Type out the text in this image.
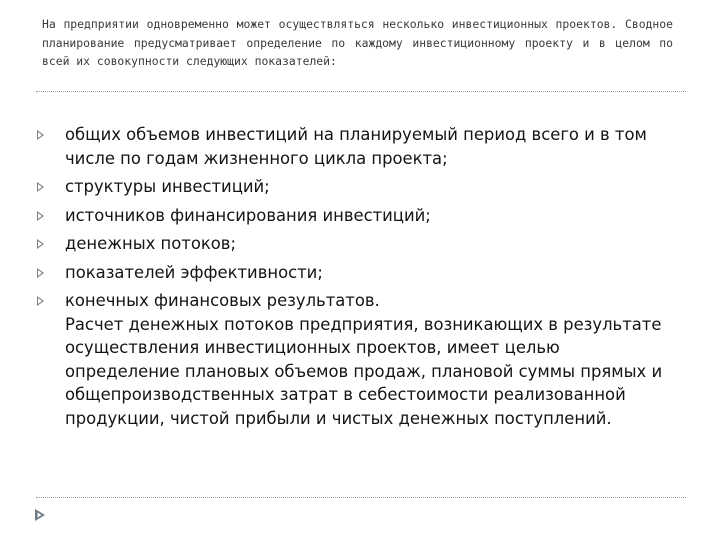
На предприятии одновременно может осуществляться несколько инвестиционных проектов. Сводное планирование предусматривает определение по каждому инвестиционному проекту и в целом по всей их совокупности следующих показателей:
общих объемов инвестиций на планируемый период всего и в том числе по годам жизненного цикла проекта;
структуры инвестиций;
источников финансирования инвестиций;
денежных потоков;
показателей эффективности;
конечных финансовых результатов.
Расчет денежных потоков предприятия, возникающих в результате осуществления инвестиционных проектов, имеет целью определение плановых объемов продаж, плановой суммы прямых и общепроизводственных затрат в себестоимости реализованной продукции, чистой прибыли и чистых денежных поступлений.
